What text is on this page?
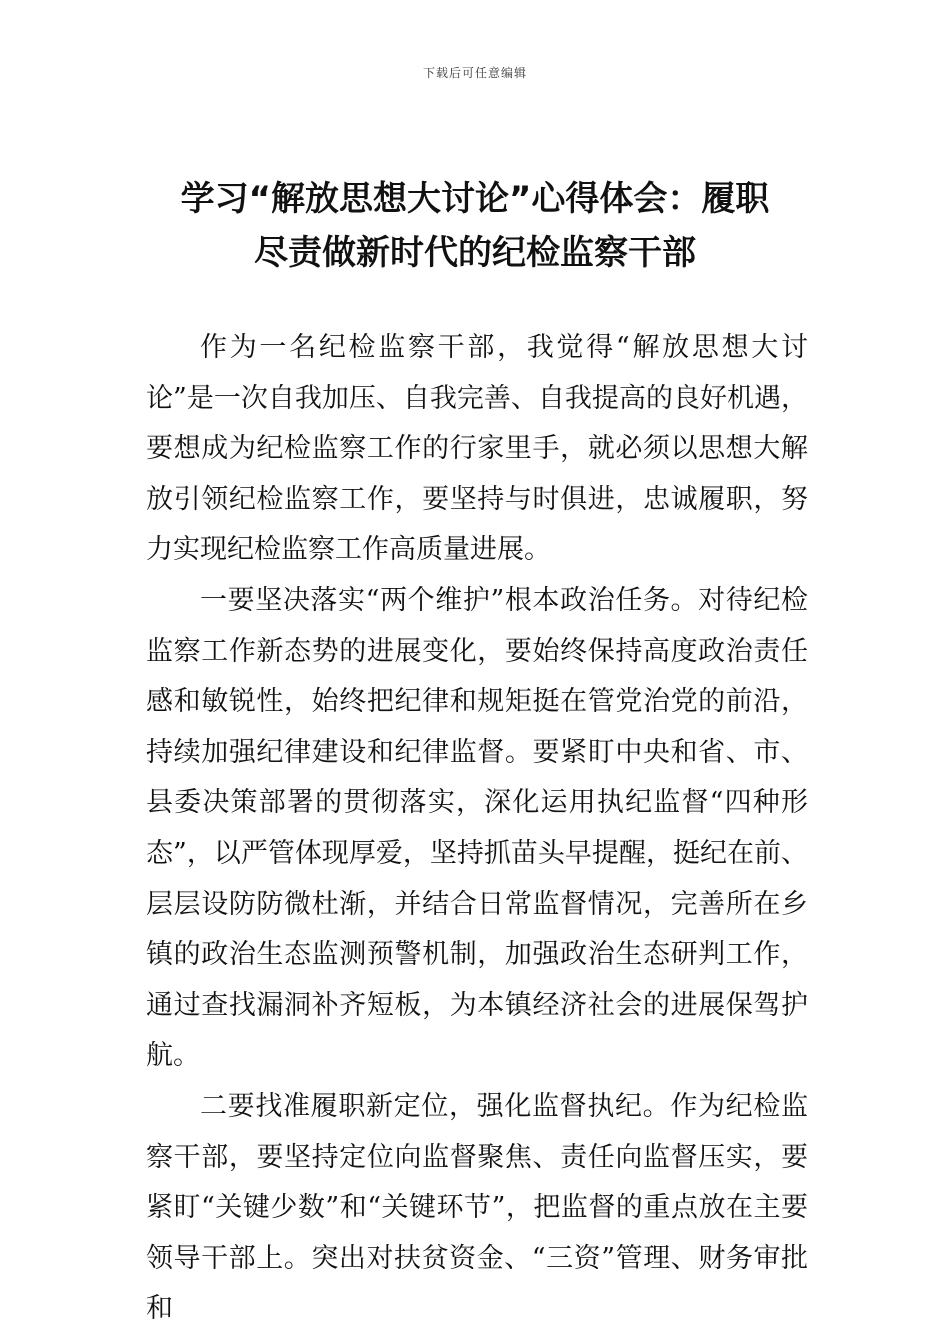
下载后可任意编辑
学习“解放思想大讨论”心得体会：履职
尽责做新时代的纪检监察干部

作为一名纪检监察干部，我觉得“解放思想大讨论”是一次自我加压、自我完善、自我提高的良好机遇，要想成为纪检监察工作的行家里手，就必须以思想大解放引领纪检监察工作，要坚持与时俱进，忠诚履职，努力实现纪检监察工作高质量进展。

一要坚决落实“两个维护”根本政治任务。对待纪检监察工作新态势的进展变化，要始终保持高度政治责任感和敏锐性，始终把纪律和规矩挺在管党治党的前沿，持续加强纪律建设和纪律监督。要紧盯中央和省、市、县委决策部署的贯彻落实，深化运用执纪监督“四种形态”，以严管体现厚爱，坚持抓苗头早提醒，挺纪在前、层层设防防微杜渐，并结合日常监督情况，完善所在乡镇的政治生态监测预警机制，加强政治生态研判工作，通过查找漏洞补齐短板，为本镇经济社会的进展保驾护航。

二要找准履职新定位，强化监督执纪。作为纪检监察干部，要坚持定位向监督聚焦、责任向监督压实，要紧盯“关键少数”和“关键环节”，把监督的重点放在主要领导干部上。突出对扶贫资金、“三资”管理、财务审批和
